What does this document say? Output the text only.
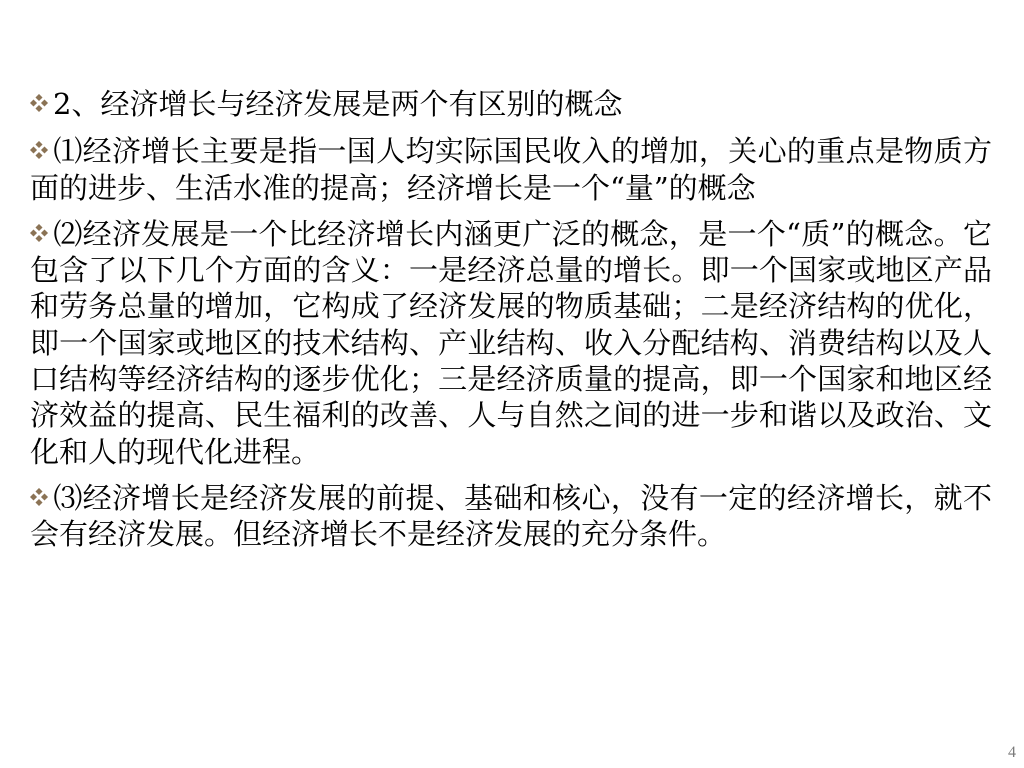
2、经济增长与经济发展是两个有区别的概念

⑴经济增长主要是指一国人均实际国民收入的增加，关心的重点是物质方面的进步、生活水准的提高；经济增长是一个“量”的概念

⑵经济发展是一个比经济增长内涵更广泛的概念，是一个“质”的概念。它包含了以下几个方面的含义：一是经济总量的增长。即一个国家或地区产品和劳务总量的增加，它构成了经济发展的物质基础；二是经济结构的优化，即一个国家或地区的技术结构、产业结构、收入分配结构、消费结构以及人口结构等经济结构的逐步优化；三是经济质量的提高，即一个国家和地区经济效益的提高、民生福利的改善、人与自然之间的进一步和谐以及政治、文化和人的现代化进程。

⑶经济增长是经济发展的前提、基础和核心，没有一定的经济增长，就不会有经济发展。但经济增长不是经济发展的充分条件。

4
